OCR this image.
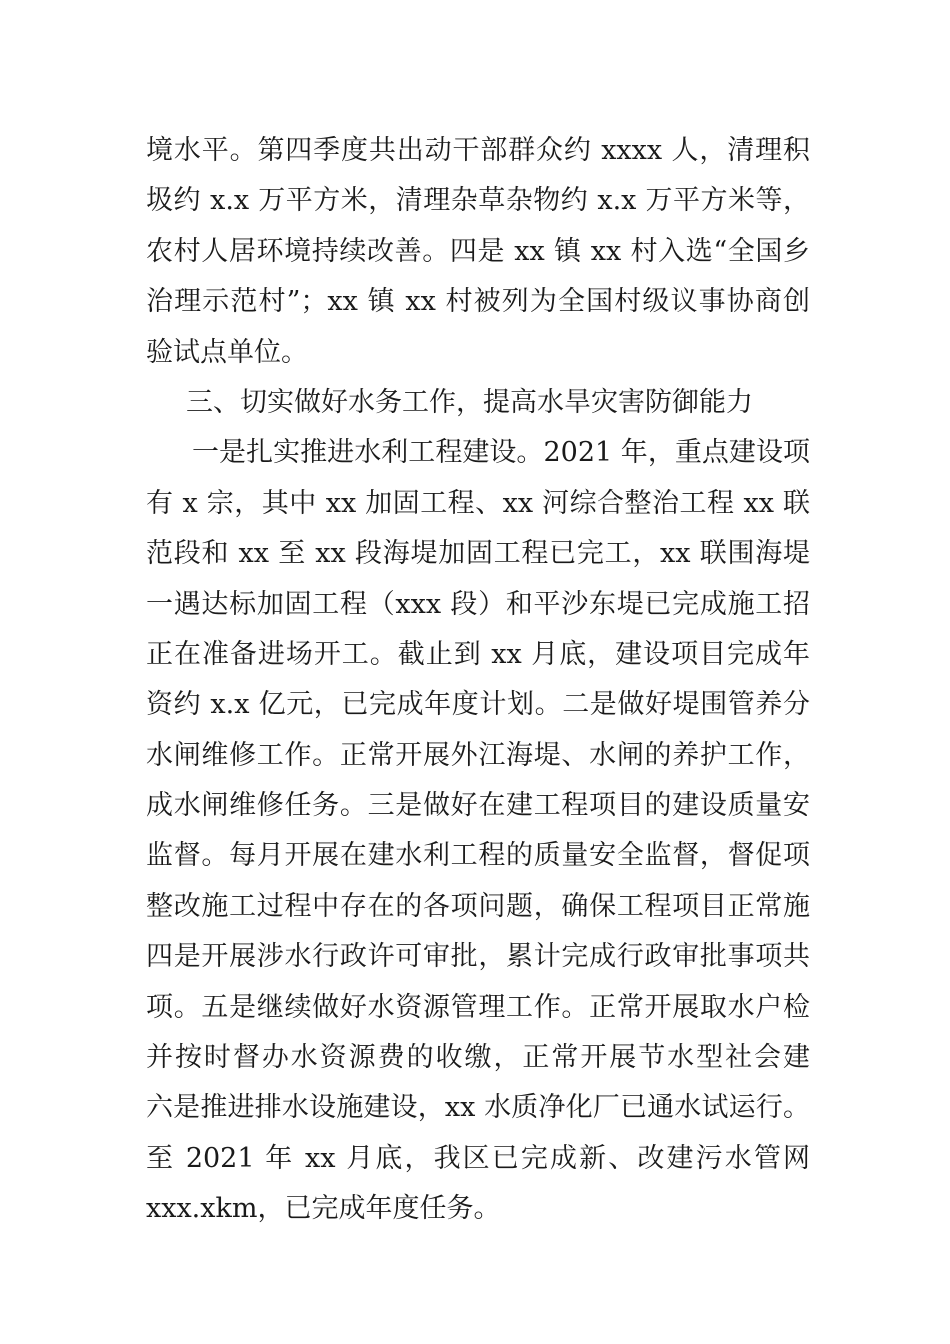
境水平。第四季度共出动干部群众约 xxxx 人，清理积
圾约 x.x 万平方米，清理杂草杂物约 x.x 万平方米等，
农村人居环境持续改善。四是 xx 镇 xx 村入选“全国乡
治理示范村”；xx 镇 xx 村被列为全国村级议事协商创
验试点单位。
三、切实做好水务工作，提高水旱灾害防御能力
一是扎实推进水利工程建设。2021 年，重点建设项
有 x 宗，其中 xx 加固工程、xx 河综合整治工程 xx 联
范段和 xx 至 xx 段海堤加固工程已完工，xx 联围海堤
一遇达标加固工程（xxx 段）和平沙东堤已完成施工招
正在准备进场开工。截止到 xx 月底，建设项目完成年
资约 x.x 亿元，已完成年度计划。二是做好堤围管养分
水闸维修工作。正常开展外江海堤、水闸的养护工作，
成水闸维修任务。三是做好在建工程项目的建设质量安
监督。每月开展在建水利工程的质量安全监督，督促项
整改施工过程中存在的各项问题，确保工程项目正常施
四是开展涉水行政许可审批，累计完成行政审批事项共
项。五是继续做好水资源管理工作。正常开展取水户检
并按时督办水资源费的收缴，正常开展节水型社会建
六是推进排水设施建设，xx 水质净化厂已通水试运行。
至 2021 年 xx 月底，我区已完成新、改建污水管网
xxx.xkm，已完成年度任务。
